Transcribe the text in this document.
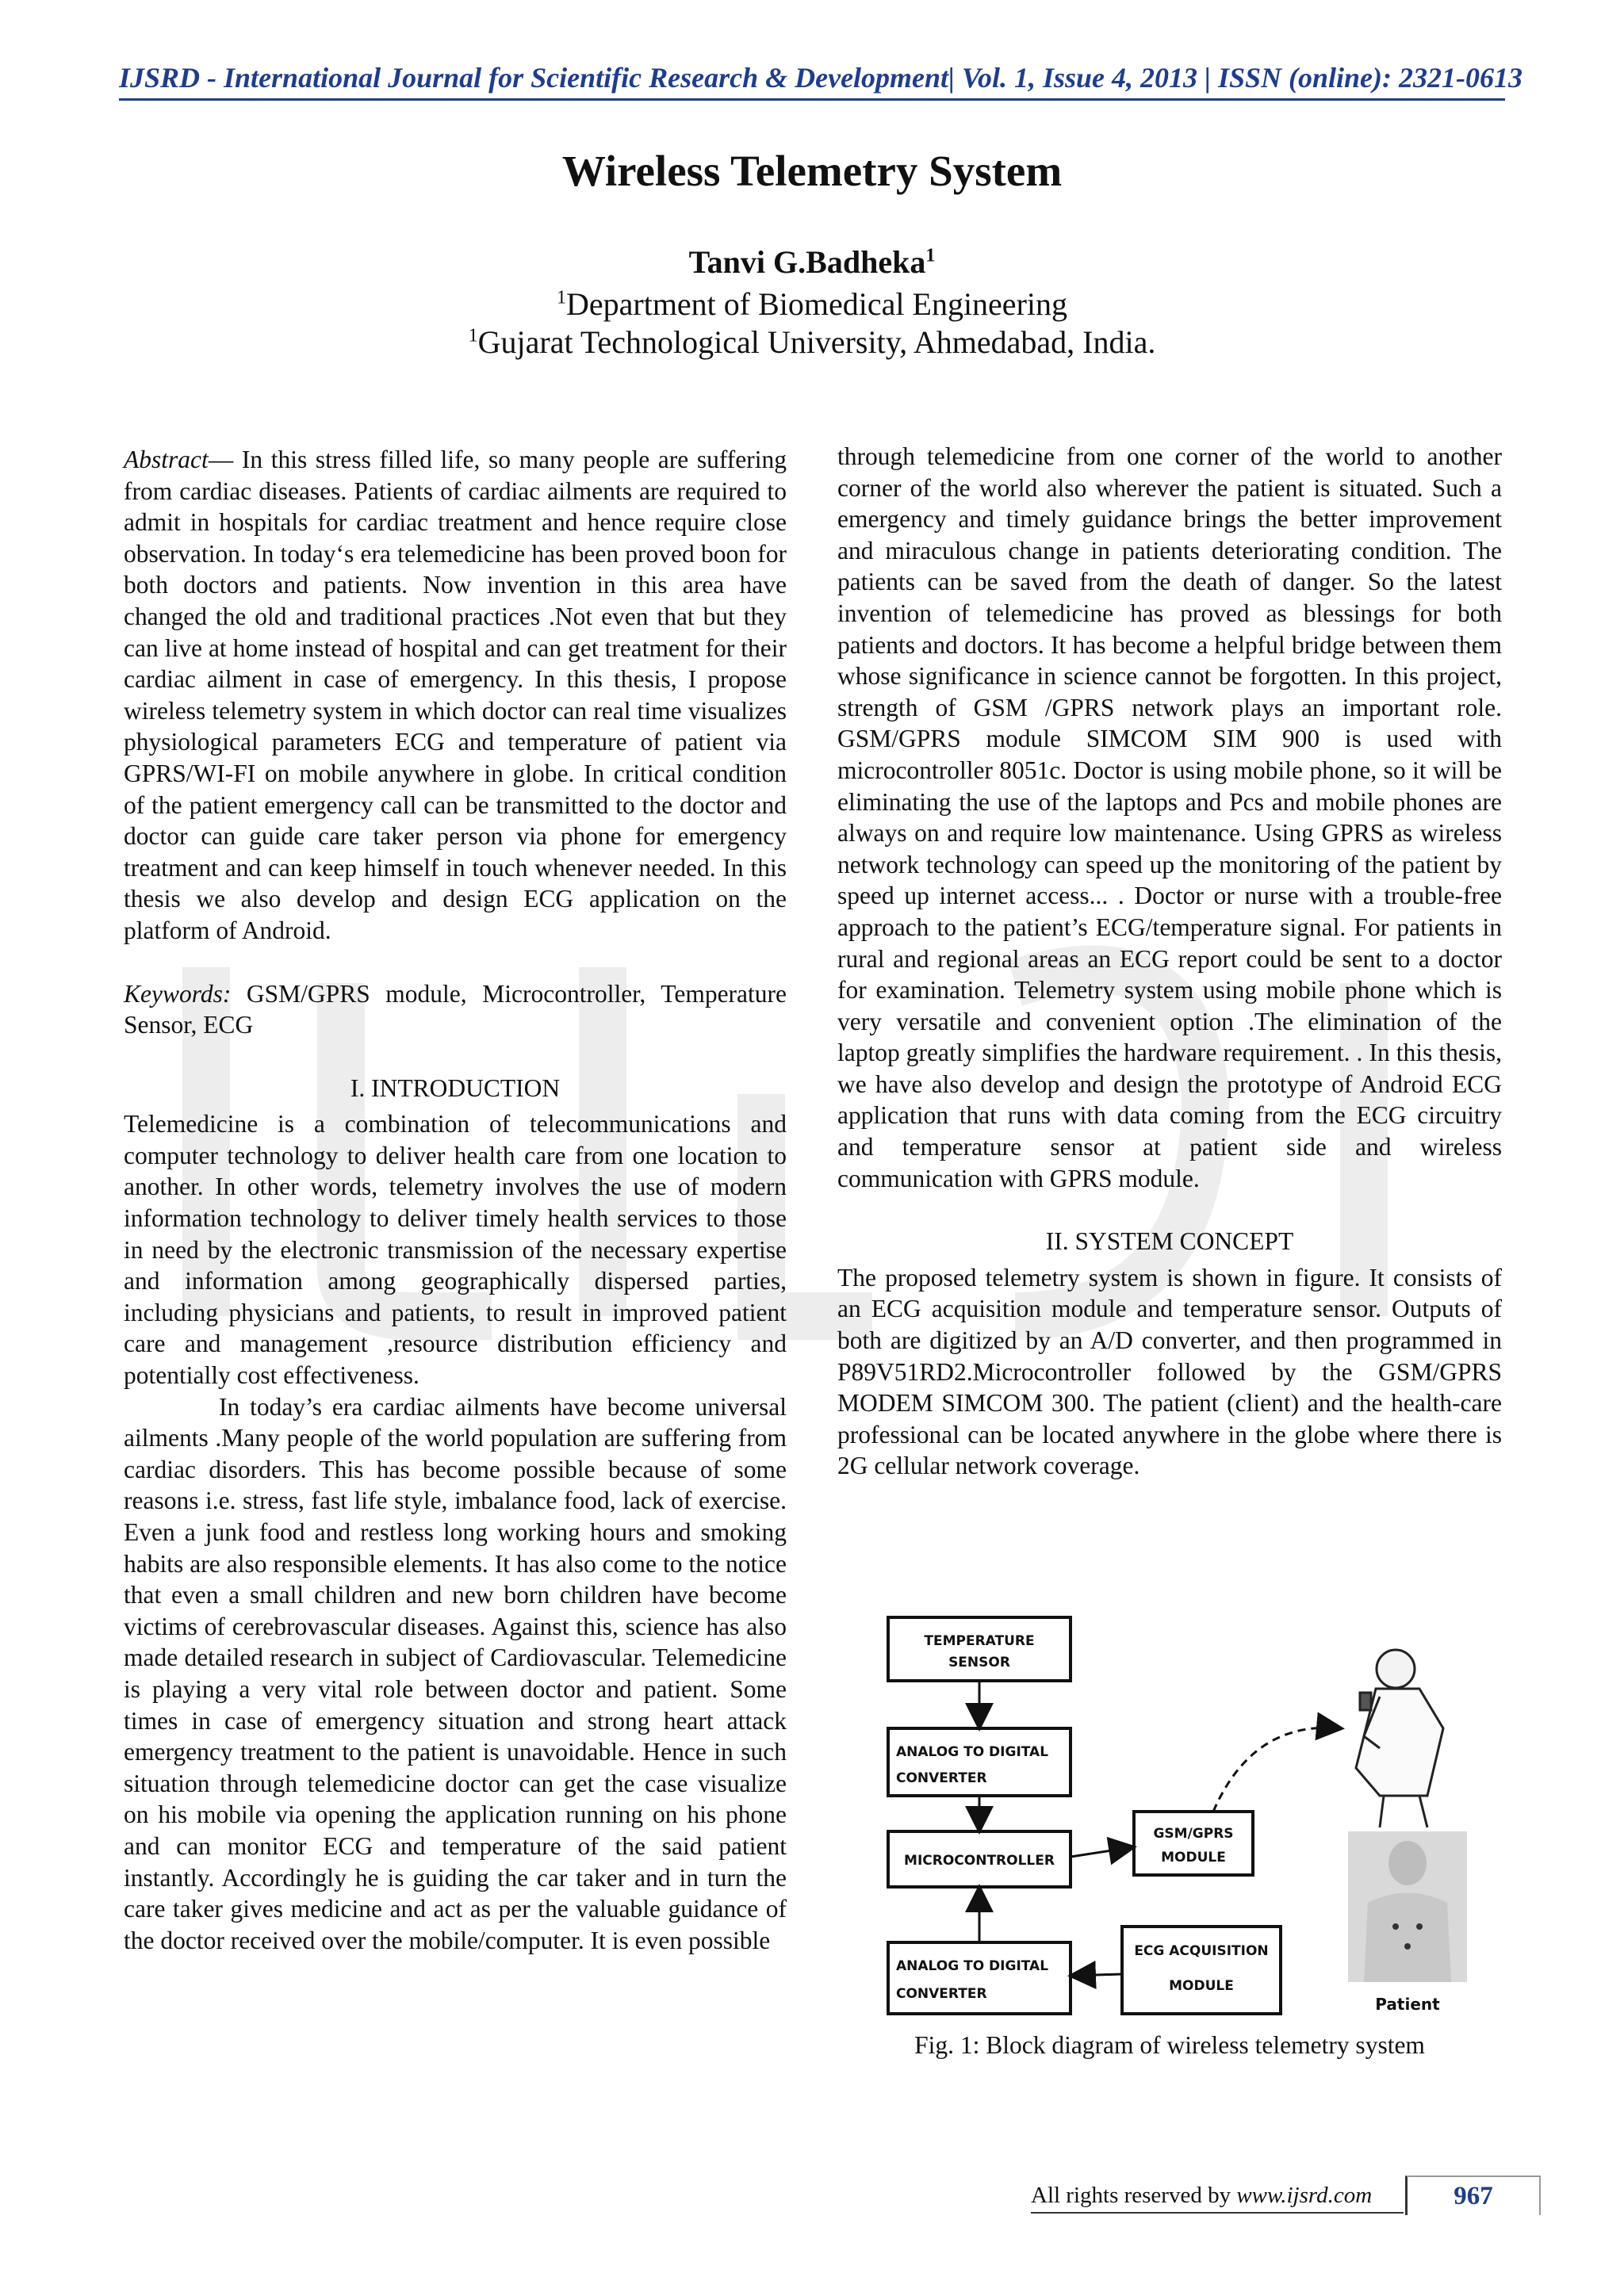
IJSRD - International Journal for Scientific Research & Development| Vol. 1, Issue 4, 2013 | ISSN (online): 2321-0613
Wireless Telemetry System
Tanvi G.Badheka$^1$
$^1$Department of Biomedical Engineering
$^1$Gujarat Technological University, Ahmedabad, India.

Abstract— In this stress filled life, so many people are suffering from cardiac diseases. Patients of cardiac ailments are required to admit in hospitals for cardiac treatment and hence require close observation. In today‘s era telemedicine has been proved boon for both doctors and patients. Now invention in this area have changed the old and traditional practices .Not even that but they can live at home instead of hospital and can get treatment for their cardiac ailment in case of emergency. In this thesis, I propose wireless telemetry system in which doctor can real time visualizes physiological parameters ECG and temperature of patient via GPRS/WI-FI on mobile anywhere in globe. In critical condition of the patient emergency call can be transmitted to the doctor and doctor can guide care taker person via phone for emergency treatment and can keep himself in touch whenever needed. In this thesis we also develop and design ECG application on the platform of Android.

Keywords: GSM/GPRS module, Microcontroller, Temperature Sensor, ECG

I. INTRODUCTION

Telemedicine is a combination of telecommunications and computer technology to deliver health care from one location to another. In other words, telemetry involves the use of modern information technology to deliver timely health services to those in need by the electronic transmission of the necessary expertise and information among geographically dispersed parties, including physicians and patients, to result in improved patient care and management ,resource distribution efficiency and potentially cost effectiveness.

In today’s era cardiac ailments have become universal ailments .Many people of the world population are suffering from cardiac disorders. This has become possible because of some reasons i.e. stress, fast life style, imbalance food, lack of exercise. Even a junk food and restless long working hours and smoking habits are also responsible elements. It has also come to the notice that even a small children and new born children have become victims of cerebrovascular diseases. Against this, science has also made detailed research in subject of Cardiovascular. Telemedicine is playing a very vital role between doctor and patient. Some times in case of emergency situation and strong heart attack emergency treatment to the patient is unavoidable. Hence in such situation through telemedicine doctor can get the case visualize on his mobile via opening the application running on his phone and can monitor ECG and temperature of the said patient instantly. Accordingly he is guiding the car taker and in turn the care taker gives medicine and act as per the valuable guidance of the doctor received over the mobile/computer. It is even possible

through telemedicine from one corner of the world to another corner of the world also wherever the patient is situated. Such a emergency and timely guidance brings the better improvement and miraculous change in patients deteriorating condition. The patients can be saved from the death of danger. So the latest invention of telemedicine has proved as blessings for both patients and doctors. It has become a helpful bridge between them whose significance in science cannot be forgotten. In this project, strength of GSM /GPRS network plays an important role. GSM/GPRS module SIMCOM SIM 900 is used with microcontroller 8051c. Doctor is using mobile phone, so it will be eliminating the use of the laptops and Pcs and mobile phones are always on and require low maintenance. Using GPRS as wireless network technology can speed up the monitoring of the patient by speed up internet access... . Doctor or nurse with a trouble-free approach to the patient’s ECG/temperature signal. For patients in rural and regional areas an ECG report could be sent to a doctor for examination. Telemetry system using mobile phone which is very versatile and convenient option .The elimination of the laptop greatly simplifies the hardware requirement. . In this thesis, we have also develop and design the prototype of Android ECG application that runs with data coming from the ECG circuitry and temperature sensor at patient side and wireless communication with GPRS module.

II. SYSTEM CONCEPT

The proposed telemetry system is shown in figure. It consists of an ECG acquisition module and temperature sensor. Outputs of both are digitized by an A/D converter, and then programmed in P89V51RD2.Microcontroller followed by the GSM/GPRS MODEM SIMCOM 300. The patient (client) and the health-care professional can be located anywhere in the globe where there is 2G cellular network coverage.

TEMPERATURE
SENSOR
ANALOG TO DIGITAL
CONVERTER
MICROCONTROLLER
GSM/GPRS
MODULE
ANALOG TO DIGITAL
CONVERTER
ECG ACQUISITION
MODULE
Patient
Fig. 1: Block diagram of wireless telemetry system
All rights reserved by www.ijsrd.com	967
